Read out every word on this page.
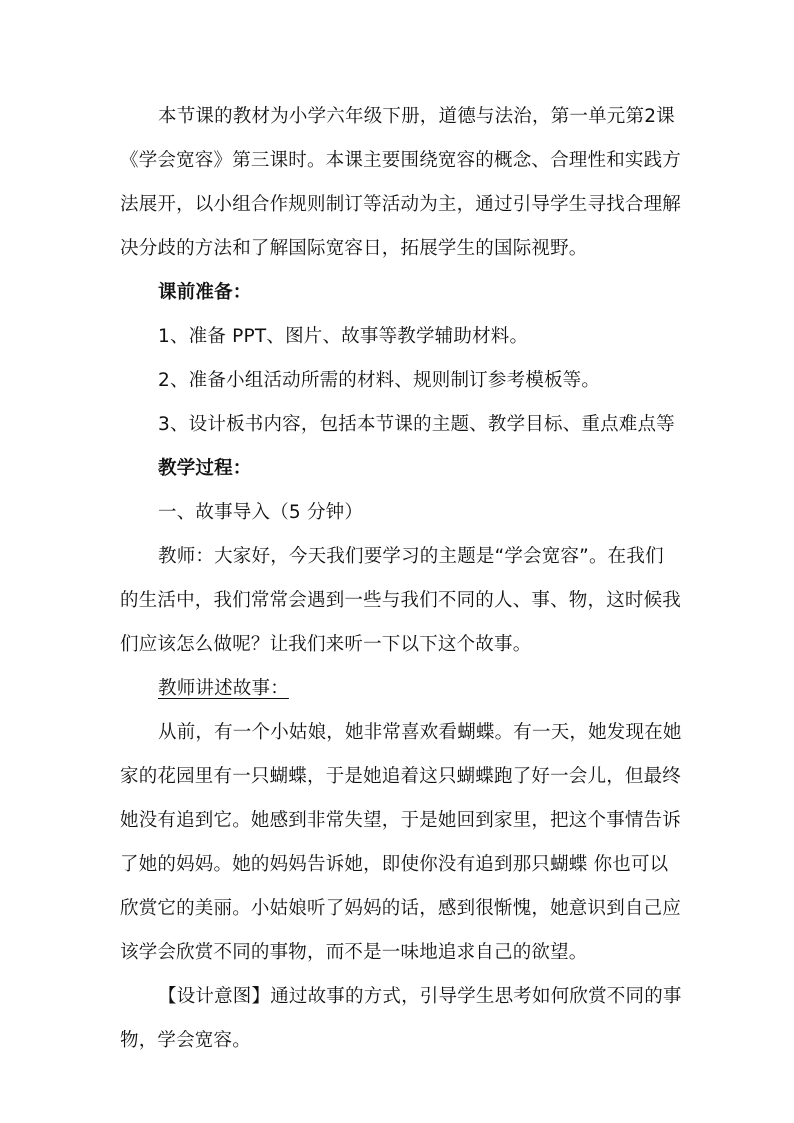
本节课的教材为小学六年级下册，道德与法治，第一单元第2课
《学会宽容》第三课时。本课主要围绕宽容的概念、合理性和实践方
法展开，以小组合作规则制订等活动为主，通过引导学生寻找合理解
决分歧的方法和了解国际宽容日，拓展学生的国际视野。
课前准备：
1、准备 PPT、图片、故事等教学辅助材料。
2、准备小组活动所需的材料、规则制订参考模板等。
3、设计板书内容，包括本节课的主题、教学目标、重点难点等
教学过程：
一、故事导入（5 分钟）
教师：大家好，今天我们要学习的主题是“学会宽容”。在我们
的生活中，我们常常会遇到一些与我们不同的人、事、物，这时候我
们应该怎么做呢？让我们来听一下以下这个故事。
教师讲述故事：
从前，有一个小姑娘，她非常喜欢看蝴蝶。有一天，她发现在她
家的花园里有一只蝴蝶，于是她追着这只蝴蝶跑了好一会儿，但最终
她没有追到它。她感到非常失望，于是她回到家里，把这个事情告诉
了她的妈妈。她的妈妈告诉她，即使你没有追到那只蝴蝶 你也可以
欣赏它的美丽。小姑娘听了妈妈的话，感到很惭愧，她意识到自己应
该学会欣赏不同的事物，而不是一味地追求自己的欲望。
【设计意图】通过故事的方式，引导学生思考如何欣赏不同的事
物，学会宽容。
